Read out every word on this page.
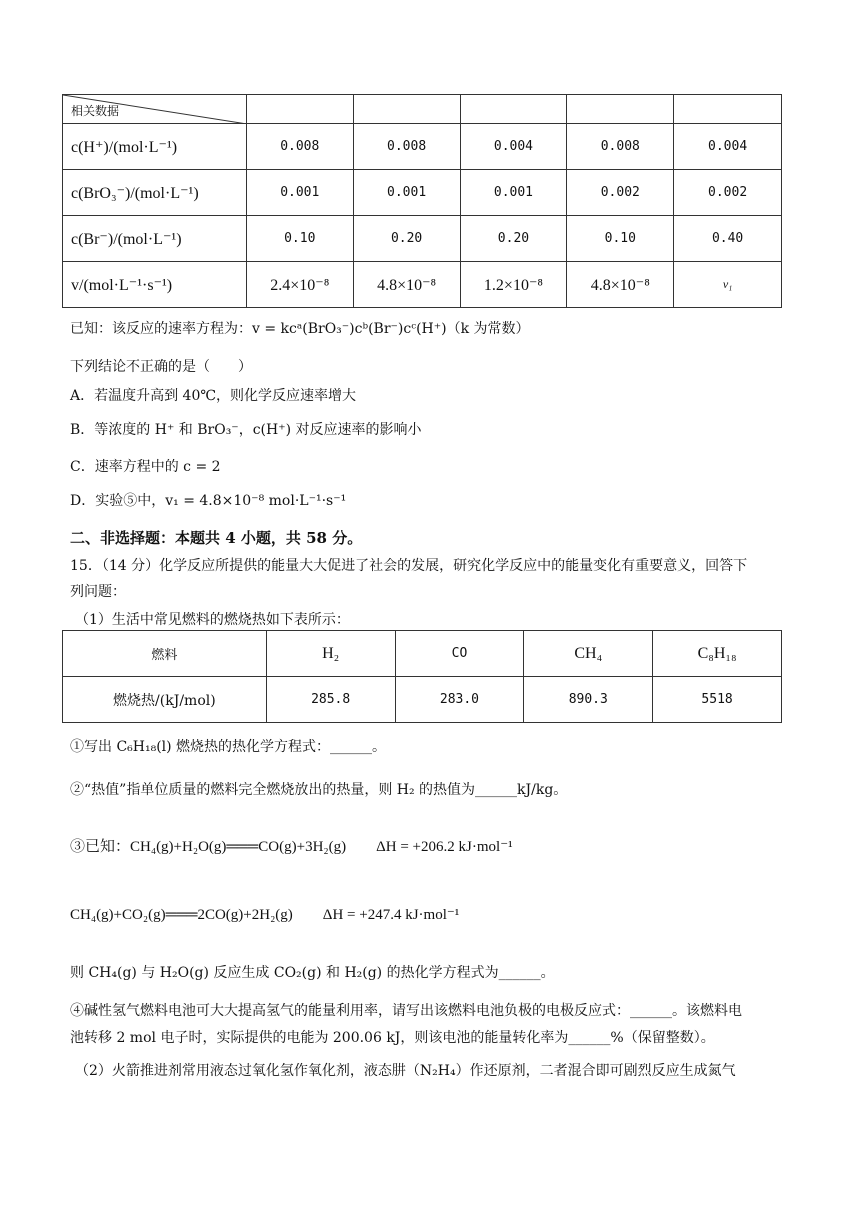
相关数据					
c(H⁺)/(mol·L⁻¹)	0.008	0.008	0.004	0.008	0.004
c(BrO₃⁻)/(mol·L⁻¹)	0.001	0.001	0.001	0.002	0.002
c(Br⁻)/(mol·L⁻¹)	0.10	0.20	0.20	0.10	0.40
v/(mol·L⁻¹·s⁻¹)	2.4×10⁻⁸	4.8×10⁻⁸	1.2×10⁻⁸	4.8×10⁻⁸	v₁
已知：该反应的速率方程为：v = kcᵃ(BrO₃⁻)cᵇ(Br⁻)cᶜ(H⁺)（k 为常数）
下列结论不正确的是（　　）
A．若温度升高到 40℃，则化学反应速率增大
B．等浓度的 H⁺ 和 BrO₃⁻，c(H⁺) 对反应速率的影响小
C．速率方程中的 c = 2
D．实验⑤中，v₁ = 4.8×10⁻⁸ mol·L⁻¹·s⁻¹
二、非选择题：本题共 4 小题，共 58 分。
15．（14 分）化学反应所提供的能量大大促进了社会的发展，研究化学反应中的能量变化有重要意义，回答下
列问题：
（1）生活中常见燃料的燃烧热如下表所示：
燃料	H₂	CO	CH₄	C₈H₁₈
燃烧热/(kJ/mol)	285.8	283.0	890.3	5518
①写出 C₆H₁₈(l) 燃烧热的热化学方程式：______。
②“热值”指单位质量的燃料完全燃烧放出的热量，则 H₂ 的热值为______kJ/kg。
③已知：CH₄(g)+H₂O(g)═══CO(g)+3H₂(g)　　ΔH = +206.2 kJ·mol⁻¹
CH₄(g)+CO₂(g)═══2CO(g)+2H₂(g)　　ΔH = +247.4 kJ·mol⁻¹
则 CH₄(g) 与 H₂O(g) 反应生成 CO₂(g) 和 H₂(g) 的热化学方程式为______。
④碱性氢气燃料电池可大大提高氢气的能量利用率，请写出该燃料电池负极的电极反应式：______。该燃料电
池转移 2 mol 电子时，实际提供的电能为 200.06 kJ，则该电池的能量转化率为______%（保留整数）。
（2）火箭推进剂常用液态过氧化氢作氧化剂，液态肼（N₂H₄）作还原剂，二者混合即可剧烈反应生成氮气
